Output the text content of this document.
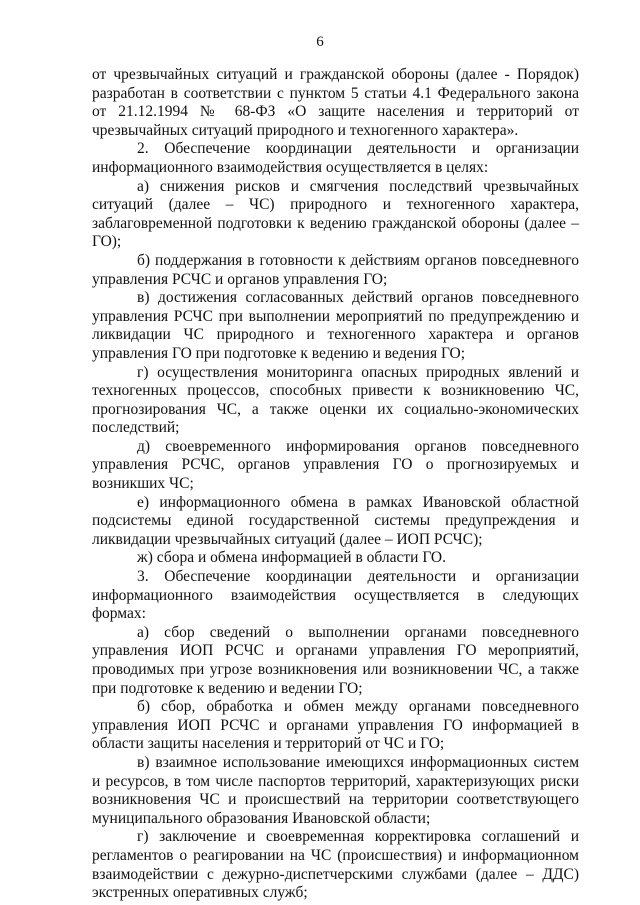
6

от чрезвычайных ситуаций и гражданской обороны (далее - Порядок) разработан в соответствии с пунктом 5 статьи 4.1 Федерального закона от 21.12.1994 № 68-ФЗ «О защите населения и территорий от чрезвычайных ситуаций природного и техногенного характера».

2. Обеспечение координации деятельности и организации информационного взаимодействия осуществляется в целях:

а) снижения рисков и смягчения последствий чрезвычайных ситуаций (далее – ЧС) природного и техногенного характера, заблаговременной подготовки к ведению гражданской обороны (далее – ГО);

б) поддержания в готовности к действиям органов повседневного управления РСЧС и органов управления ГО;

в) достижения согласованных действий органов повседневного управления РСЧС при выполнении мероприятий по предупреждению и ликвидации ЧС природного и техногенного характера и органов управления ГО при подготовке к ведению и ведения ГО;

г) осуществления мониторинга опасных природных явлений и техногенных процессов, способных привести к возникновению ЧС, прогнозирования ЧС, а также оценки их социально-экономических последствий;

д) своевременного информирования органов повседневного управления РСЧС, органов управления ГО о прогнозируемых и возникших ЧС;

е) информационного обмена в рамках Ивановской областной подсистемы единой государственной системы предупреждения и ликвидации чрезвычайных ситуаций (далее – ИОП РСЧС);

ж) сбора и обмена информацией в области ГО.

3. Обеспечение координации деятельности и организации информационного взаимодействия осуществляется в следующих формах:

а) сбор сведений о выполнении органами повседневного управления ИОП РСЧС и органами управления ГО мероприятий, проводимых при угрозе возникновения или возникновении ЧС, а также при подготовке к ведению и ведении ГО;

б) сбор, обработка и обмен между органами повседневного управления ИОП РСЧС и органами управления ГО информацией в области защиты населения и территорий от ЧС и ГО;

в) взаимное использование имеющихся информационных систем и ресурсов, в том числе паспортов территорий, характеризующих риски возникновения ЧС и происшествий на территории соответствующего муниципального образования Ивановской области;

г) заключение и своевременная корректировка соглашений и регламентов о реагировании на ЧС (происшествия) и информационном взаимодействии с дежурно-диспетчерскими службами (далее – ДДС) экстренных оперативных служб;
